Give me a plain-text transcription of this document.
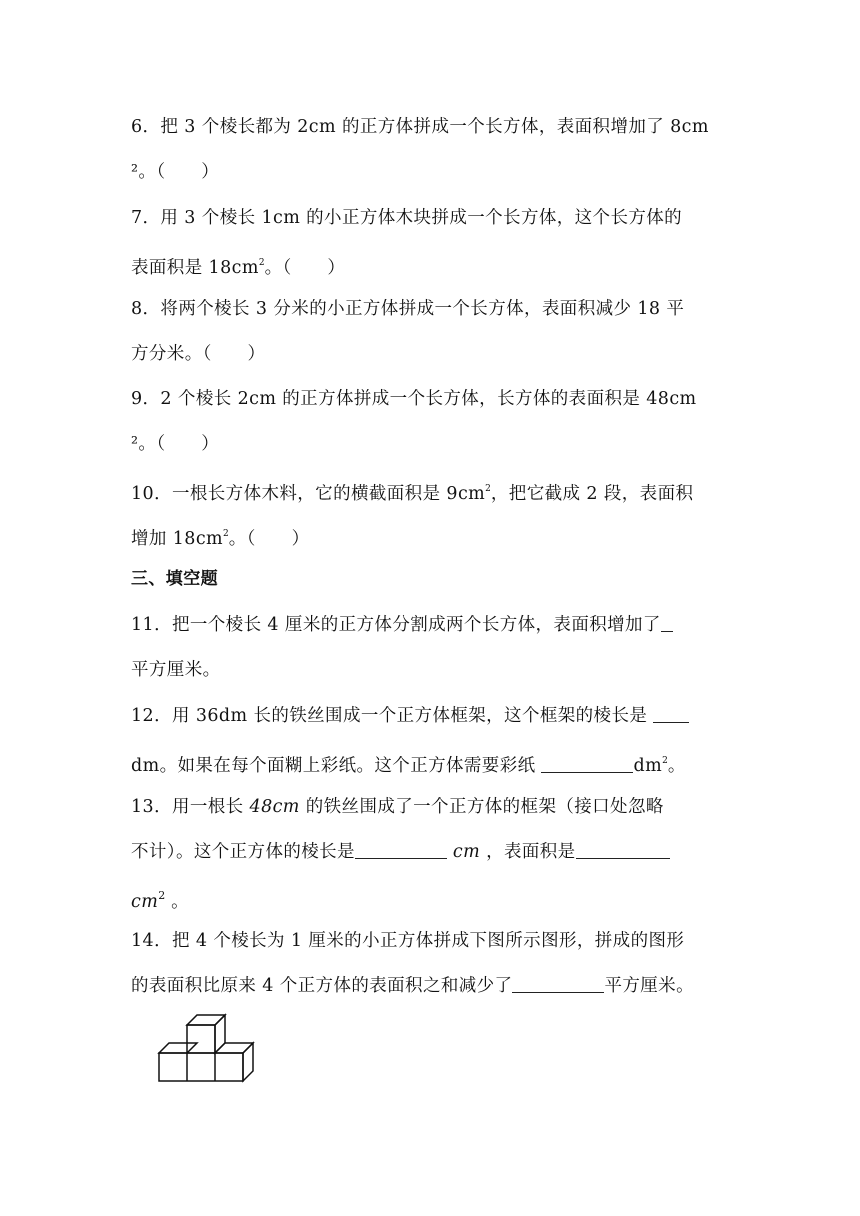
6．把 3 个棱长都为 2cm 的正方体拼成一个长方体，表面积增加了 8cm
²。（　　）
7．用 3 个棱长 1cm 的小正方体木块拼成一个长方体，这个长方体的
表面积是 $18cm^2$。（　　）
8．将两个棱长 3 分米的小正方体拼成一个长方体，表面积减少 18 平
方分米。（　　）
9．2 个棱长 2cm 的正方体拼成一个长方体，长方体的表面积是 48cm
²。（　　）
10．一根长方体木料，它的横截面积是 $9cm^2$，把它截成 2 段，表面积
增加 $18cm^2$。（　　）
三、填空题
11．把一个棱长 4 厘米的正方体分割成两个长方体，表面积增加了
平方厘米。
12．用 36dm 长的铁丝围成一个正方体框架，这个框架的棱长是
dm。如果在每个面糊上彩纸。这个正方体需要彩纸	$dm^2$。
13．用一根长 48cm 的铁丝围成了一个正方体的框架（接口处忽略
不计）。这个正方体的棱长是	cm ，表面积是
$cm^2$ 。
14．把 4 个棱长为 1 厘米的小正方体拼成下图所示图形，拼成的图形
的表面积比原来 4 个正方体的表面积之和减少了	平方厘米。
